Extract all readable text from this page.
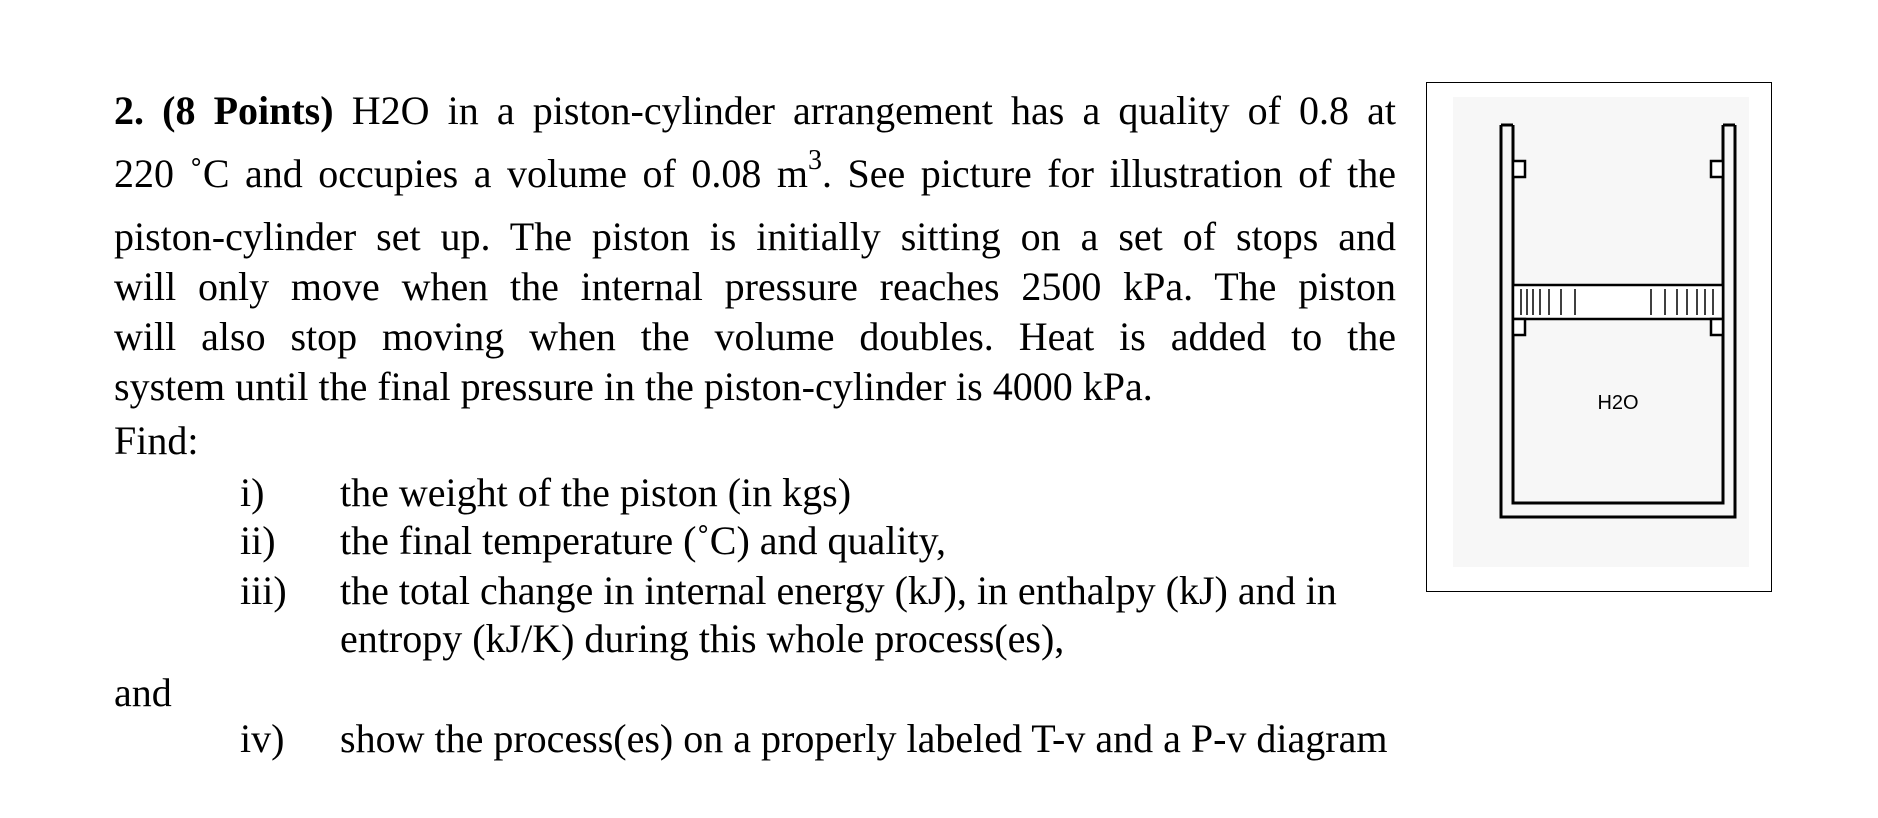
2. (8 Points) H2O in a piston-cylinder arrangement has a quality of 0.8 at
220 ˚C and occupies a volume of 0.08 $m^3$. See picture for illustration of the
piston-cylinder set up. The piston is initially sitting on a set of stops and
will only move when the internal pressure reaches 2500 kPa. The piston
will also stop moving when the volume doubles. Heat is added to the
system until the final pressure in the piston-cylinder is 4000 kPa.
Find:
i) the weight of the piston (in kgs)
ii) the final temperature (˚C) and quality,
iii) the total change in internal energy (kJ), in enthalpy (kJ) and in
entropy (kJ/K) during this whole process(es),
and
iv) show the process(es) on a properly labeled T-v and a P-v diagram
H2O
